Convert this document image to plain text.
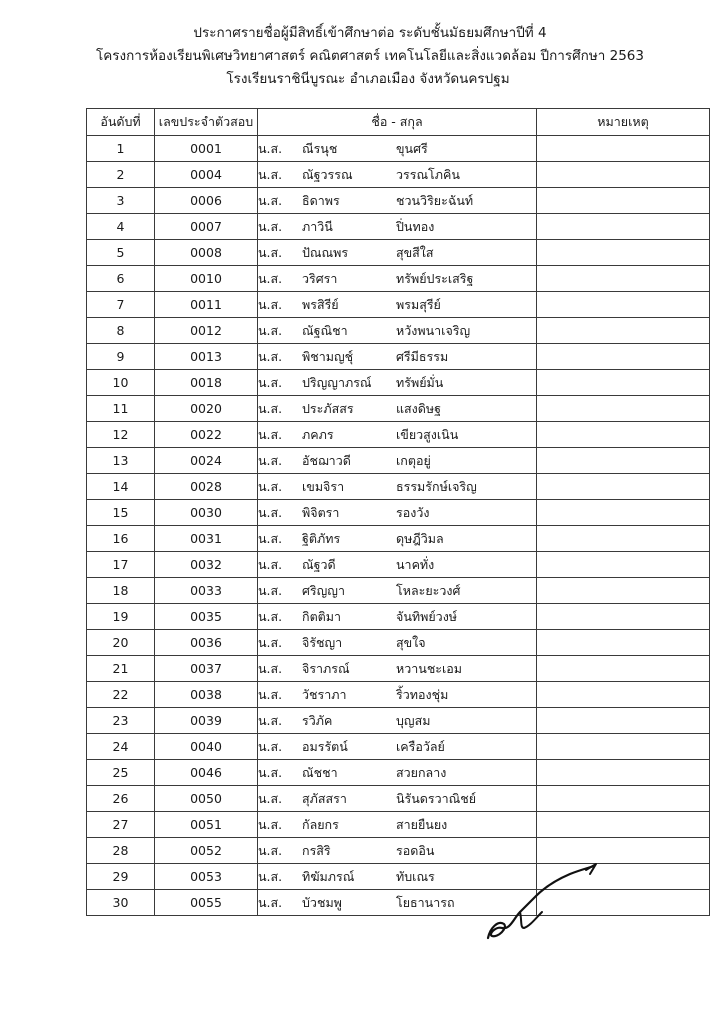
ประกาศรายชื่อผู้มีสิทธิ์เข้าศึกษาต่อ ระดับชั้นมัธยมศึกษาปีที่ 4
โครงการห้องเรียนพิเศษวิทยาศาสตร์ คณิตศาสตร์ เทคโนโลยีและสิ่งแวดล้อม ปีการศึกษา 2563
โรงเรียนราชินีบูรณะ อำเภอเมือง จังหวัดนครปฐม
อันดับที่	เลขประจำตัวสอบ	ชื่อ - สกุล	หมายเหตุ
1	0001	น.ส. ณีรนุช ขุนศรี	
2	0004	น.ส. ณัฐวรรณ วรรณโภคิน	
3	0006	น.ส. ธิดาพร ชวนวิริยะฉันท์	
4	0007	น.ส. ภาวินี ปิ่นทอง	
5	0008	น.ส. ปัณณพร สุขสีใส	
6	0010	น.ส. วริศรา ทรัพย์ประเสริฐ	
7	0011	น.ส. พรสิรีย์ พรมสุรีย์	
8	0012	น.ส. ณัฐณิชา หวังพนาเจริญ	
9	0013	น.ส. พิชามญชุ์ ศรีมีธรรม	
10	0018	น.ส. ปริญญาภรณ์ ทรัพย์มั่น	
11	0020	น.ส. ประภัสสร แสงดิษฐ	
12	0022	น.ส. ภคภร เขียวสูงเนิน	
13	0024	น.ส. อัชฌาวดี เกตุอยู่	
14	0028	น.ส. เขมจิรา ธรรมรักษ์เจริญ	
15	0030	น.ส. พิจิตรา รองวัง	
16	0031	น.ส. ฐิติภัทร ดุษฎีวิมล	
17	0032	น.ส. ณัฐวดี นาคทั่ง	
18	0033	น.ส. ศริญญา โหละยะวงศ์	
19	0035	น.ส. กิตติมา จันทิพย์วงษ์	
20	0036	น.ส. จิรัชญา สุขใจ	
21	0037	น.ส. จิราภรณ์ หวานชะเอม	
22	0038	น.ส. วัชราภา ริ้วทองชุ่ม	
23	0039	น.ส. รวิภัค บุญสม	
24	0040	น.ส. อมรรัตน์ เครือวัลย์	
25	0046	น.ส. ณัชชา สวยกลาง	
26	0050	น.ส. สุภัสสรา นิรันดรวาณิชย์	
27	0051	น.ส. กัลยกร สายยืนยง	
28	0052	น.ส. กรสิริ รอดอิน	
29	0053	น.ส. ทิฆัมภรณ์ ทับเณร	
30	0055	น.ส. บัวชมพู โยธานารถ	
